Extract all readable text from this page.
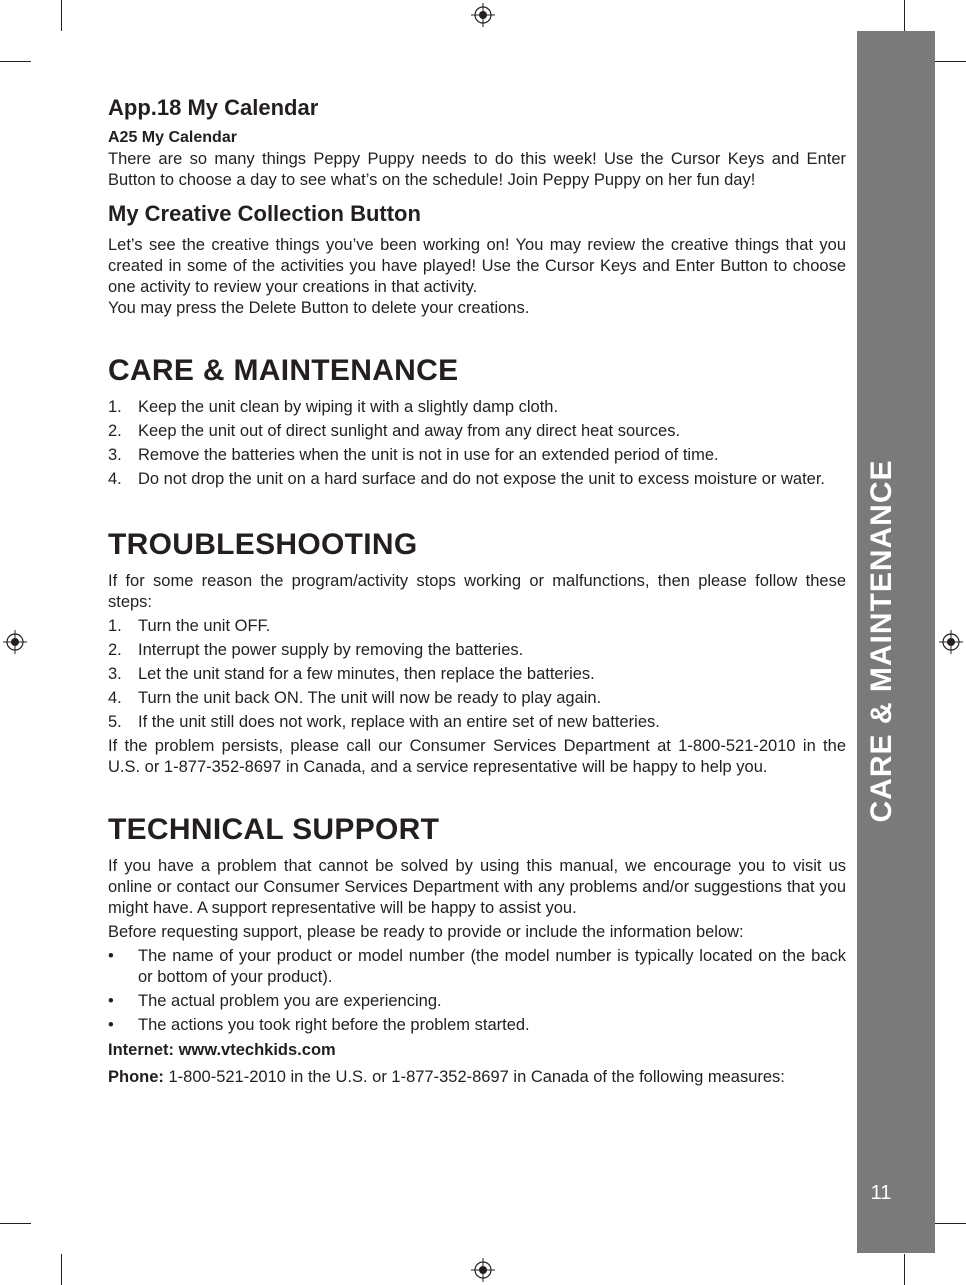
CARE & MAINTENANCE
11
App.18 My Calendar
A25 My Calendar

There are so many things Peppy Puppy needs to do this week! Use the Cursor Keys and Enter Button to choose a day to see what’s on the schedule! Join Peppy Puppy on her fun day!

My Creative Collection Button

Let’s see the creative things you’ve been working on! You may review the creative things that you created in some of the activities you have played! Use the Cursor Keys and Enter Button to choose one activity to review your creations in that activity.

You may press the Delete Button to delete your creations.

CARE & MAINTENANCE
1. Keep the unit clean by wiping it with a slightly damp cloth.
2. Keep the unit out of direct sunlight and away from any direct heat sources.
3. Remove the batteries when the unit is not in use for an extended period of time.
4. Do not drop the unit on a hard surface and do not expose the unit to excess moisture or water.
TROUBLESHOOTING

If for some reason the program/activity stops working or malfunctions, then please follow these steps:

1. Turn the unit OFF.
2. Interrupt the power supply by removing the batteries.
3. Let the unit stand for a few minutes, then replace the batteries.
4. Turn the unit back ON. The unit will now be ready to play again.
5. If the unit still does not work, replace with an entire set of new batteries.

If the problem persists, please call our Consumer Services Department at 1-800-521-2010 in the U.S. or 1-877-352-8697 in Canada, and a service representative will be happy to help you.

TECHNICAL SUPPORT

If you have a problem that cannot be solved by using this manual, we encourage you to visit us online or contact our Consumer Services Department with any problems and/or suggestions that you might have. A support representative will be happy to assist you.

Before requesting support, please be ready to provide or include the information below:

• The name of your product or model number (the model number is typically located on the back or bottom of your product).
• The actual problem you are experiencing.
• The actions you took right before the problem started.

Internet: www.vtechkids.com

Phone: 1-800-521-2010 in the U.S. or 1-877-352-8697 in Canada of the following measures:
